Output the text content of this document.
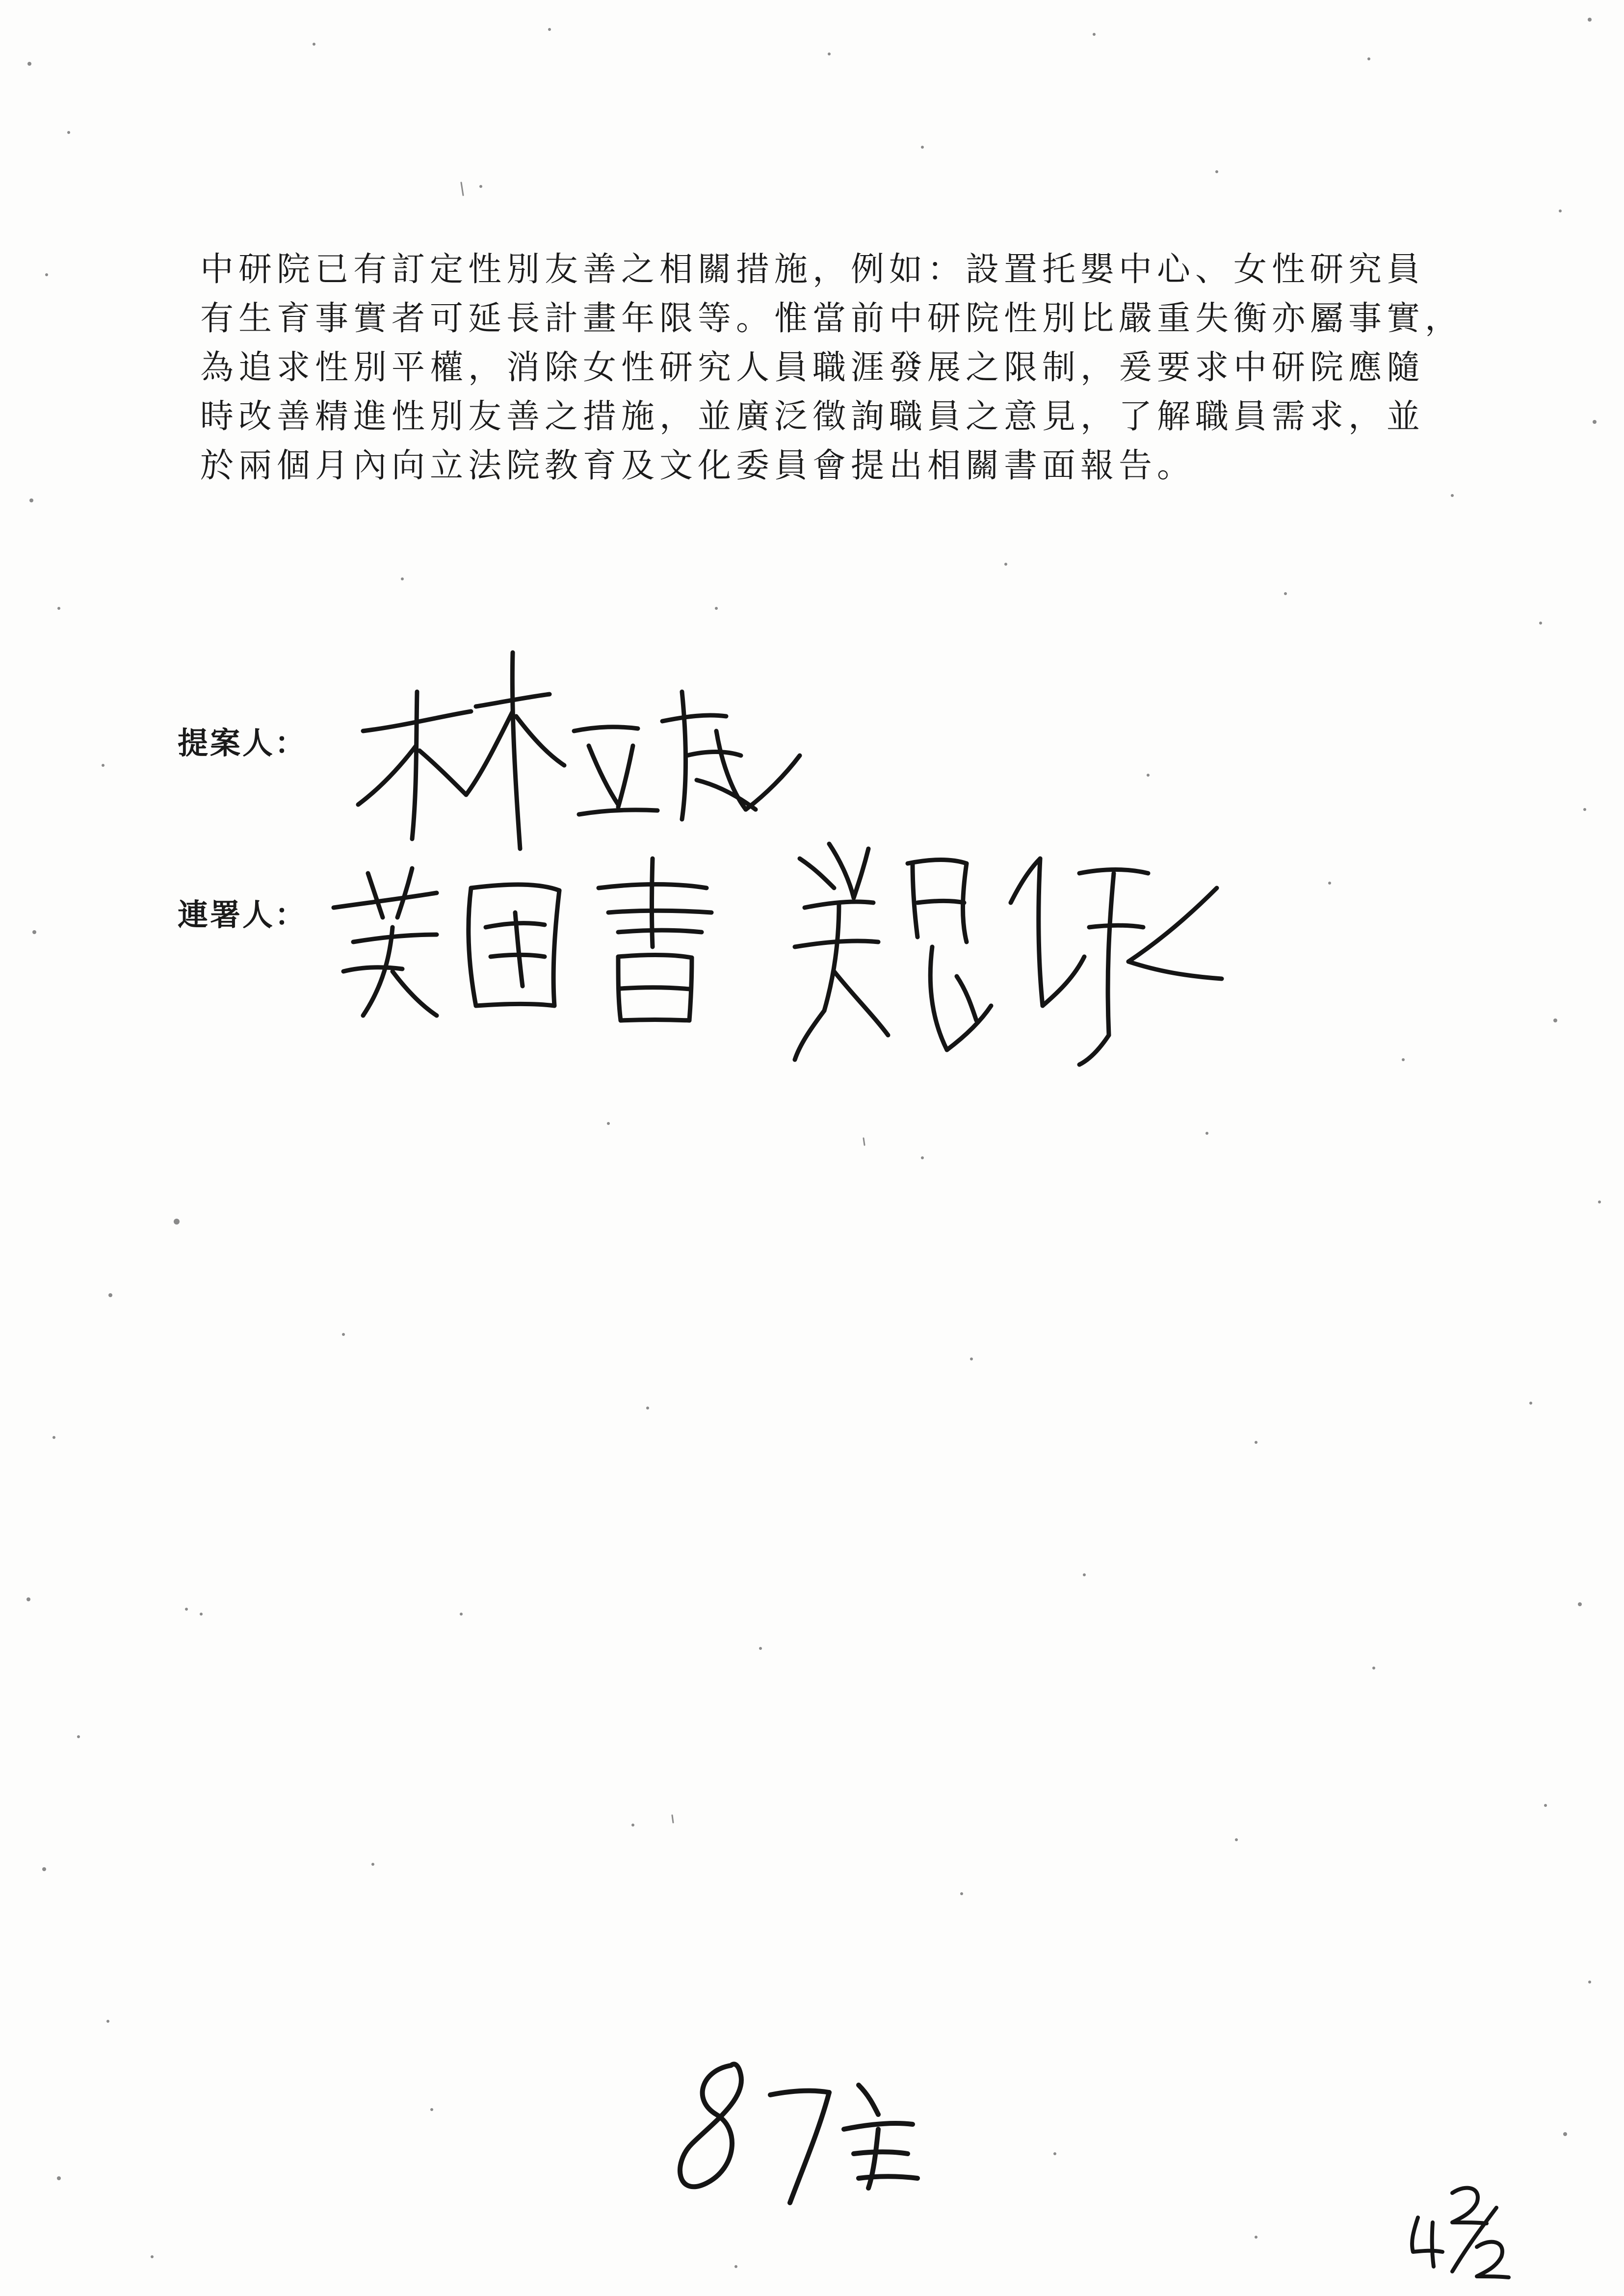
中研院已有訂定性別友善之相關措施，例如：設置托嬰中心、女性研究員
有生育事實者可延長計畫年限等。惟當前中研院性別比嚴重失衡亦屬事實，
為追求性別平權，消除女性研究人員職涯發展之限制，爰要求中研院應隨
時改善精進性別友善之措施，並廣泛徵詢職員之意見，了解職員需求，並
於兩個月內向立法院教育及文化委員會提出相關書面報告。
提案人：
連署人：
